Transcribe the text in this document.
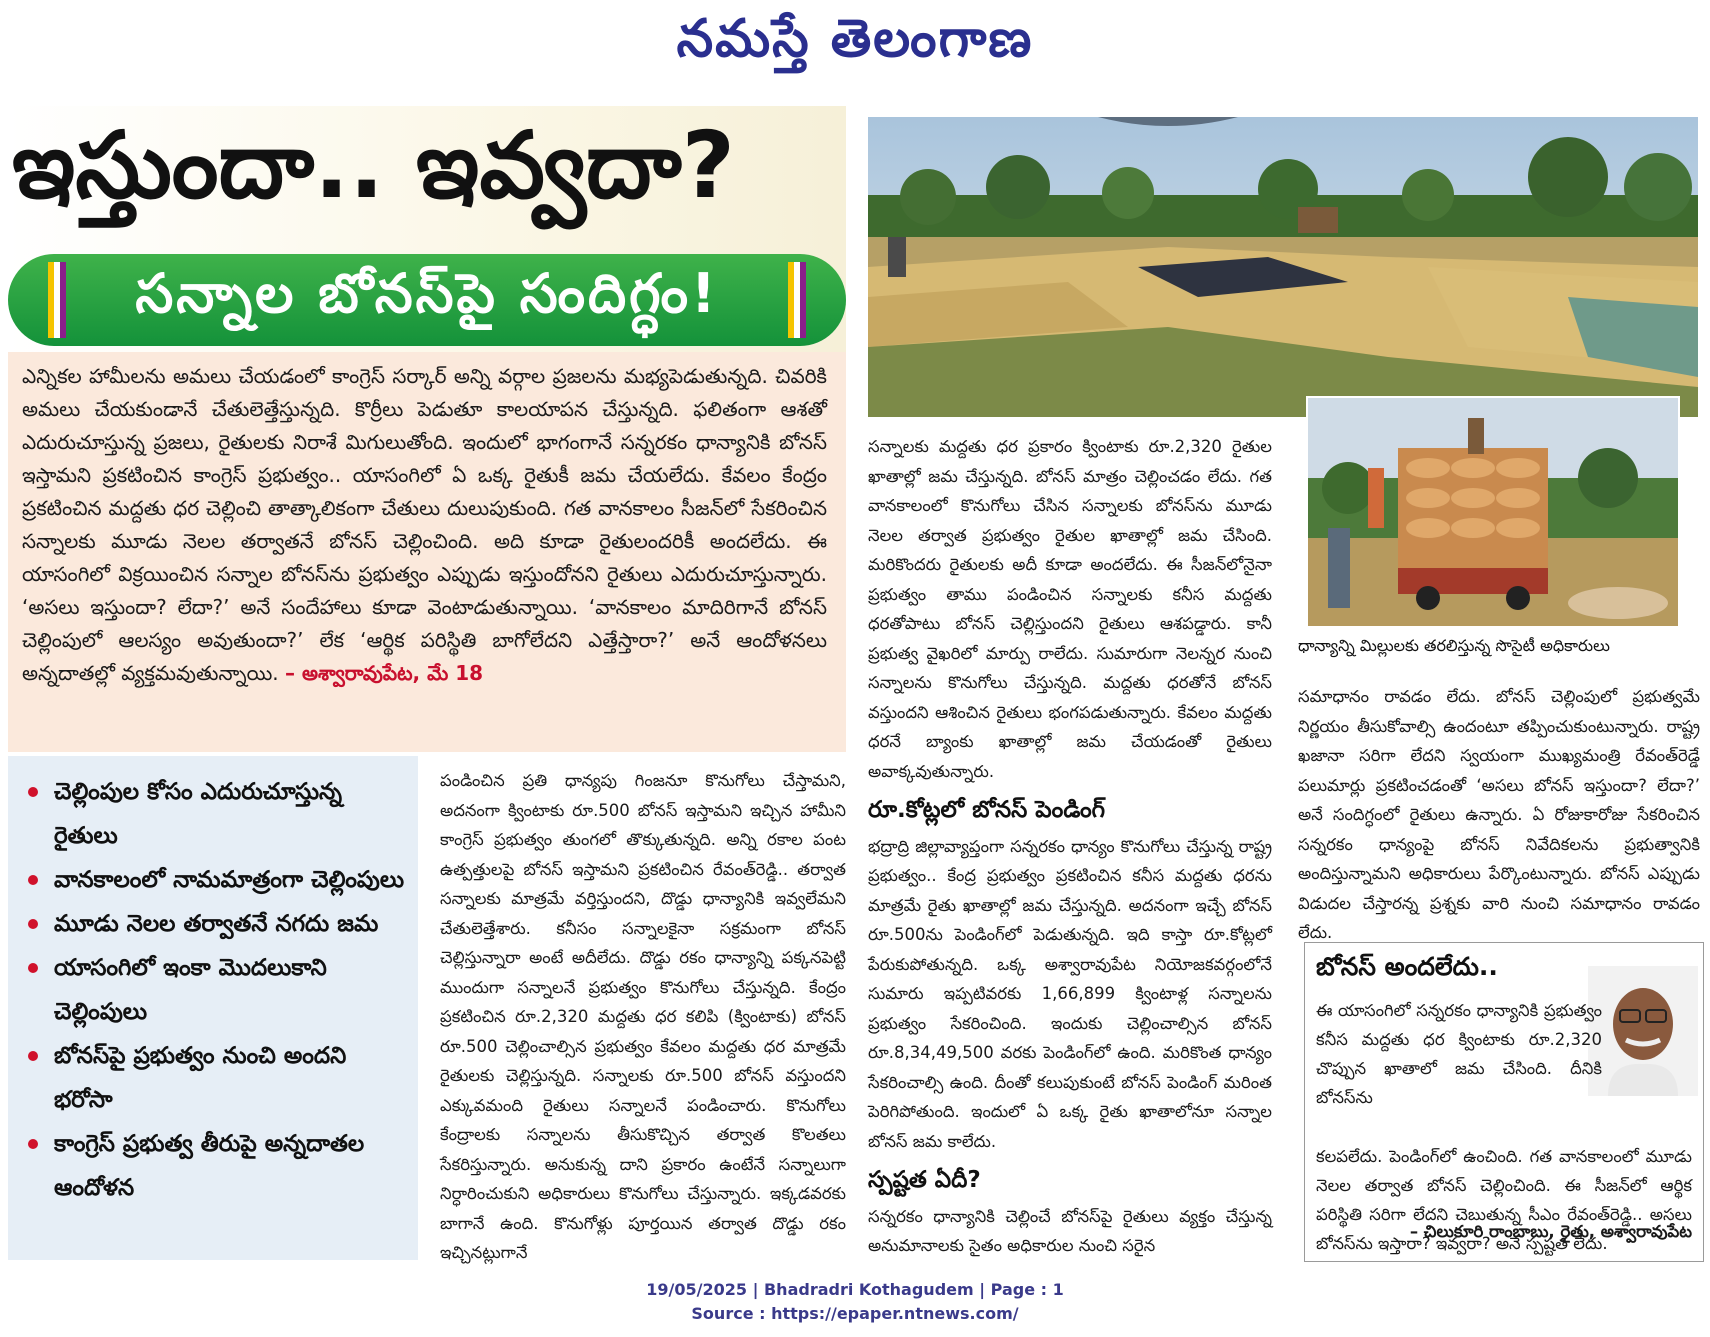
నమస్తే తెలంగాణ
ఇస్తుందా.. ఇవ్వదా?
సన్నాల బోనస్‌పై సందిగ్ధం!
ఎన్నికల హామీలను అమలు చేయడంలో కాంగ్రెస్ సర్కార్ అన్ని వర్గాల ప్రజలను మభ్యపెడుతున్నది. చివరికి అమలు చేయకుండానే చేతులెత్తేస్తున్నది. కొర్రీలు పెడుతూ కాలయాపన చేస్తున్నది. ఫలితంగా ఆశతో ఎదురుచూస్తున్న ప్రజలు, రైతులకు నిరాశే మిగులుతోంది. ఇందులో భాగంగానే సన్నరకం ధాన్యానికి బోనస్ ఇస్తామని ప్రకటించిన కాంగ్రెస్ ప్రభుత్వం.. యాసంగిలో ఏ ఒక్క రైతుకీ జమ చేయలేదు. కేవలం కేంద్రం ప్రకటించిన మద్దతు ధర చెల్లించి తాత్కాలికంగా చేతులు దులుపుకుంది. గత వానకాలం సీజన్‌లో సేకరించిన సన్నాలకు మూడు నెలల తర్వాతనే బోనస్ చెల్లించింది. అది కూడా రైతులందరికీ అందలేదు. ఈ యాసంగిలో విక్రయించిన సన్నాల బోనస్‌ను ప్రభుత్వం ఎప్పుడు ఇస్తుందోనని రైతులు ఎదురుచూస్తున్నారు. ‘అసలు ఇస్తుందా? లేదా?’ అనే సందేహాలు కూడా వెంటాడుతున్నాయి. ‘వానకాలం మాదిరిగానే బోనస్ చెల్లింపులో ఆలస్యం అవుతుందా?’ లేక ‘ఆర్థిక పరిస్థితి బాగోలేదని ఎత్తేస్తారా?’ అనే ఆందోళనలు అన్నదాతల్లో వ్యక్తమవుతున్నాయి. – అశ్వారావుపేట, మే 18
చెల్లింపుల కోసం ఎదురుచూస్తున్న రైతులు
వానకాలంలో నామమాత్రంగా చెల్లింపులు
మూడు నెలల తర్వాతనే నగదు జమ
యాసంగిలో ఇంకా మొదలుకాని చెల్లింపులు
బోనస్‌పై ప్రభుత్వం నుంచి అందని భరోసా
కాంగ్రెస్ ప్రభుత్వ తీరుపై అన్నదాతల ఆందోళన

పండించిన ప్రతి ధాన్యపు గింజనూ కొనుగోలు చేస్తామని, అదనంగా క్వింటాకు రూ.500 బోనస్ ఇస్తామని ఇచ్చిన హామీని కాంగ్రెస్ ప్రభుత్వం తుంగలో తొక్కుతున్నది. అన్ని రకాల పంట ఉత్పత్తులపై బోనస్ ఇస్తామని ప్రకటించిన రేవంత్‌రెడ్డి.. తర్వాత సన్నాలకు మాత్రమే వర్తిస్తుందని, దొడ్డు ధాన్యానికి ఇవ్వలేమని చేతులెత్తేశారు. కనీసం సన్నాలకైనా సక్రమంగా బోనస్ చెల్లిస్తున్నారా అంటే అదీలేదు. దొడ్డు రకం ధాన్యాన్ని పక్కనపెట్టి ముందుగా సన్నాలనే ప్రభుత్వం కొనుగోలు చేస్తున్నది. కేంద్రం ప్రకటించిన రూ.2,320 మద్దతు ధర కలిపి (క్వింటాకు) బోనస్ రూ.500 చెల్లించాల్సిన ప్రభుత్వం కేవలం మద్దతు ధర మాత్రమే రైతులకు చెల్లిస్తున్నది. సన్నాలకు రూ.500 బోనస్ వస్తుందని ఎక్కువమంది రైతులు సన్నాలనే పండించారు. కొనుగోలు కేంద్రాలకు సన్నాలను తీసుకొచ్చిన తర్వాత కొలతలు సేకరిస్తున్నారు. అనుకున్న దాని ప్రకారం ఉంటేనే సన్నాలుగా నిర్ధారించుకుని అధికారులు కొనుగోలు చేస్తున్నారు. ఇక్కడవరకు బాగానే ఉంది. కొనుగోళ్లు పూర్తయిన తర్వాత దొడ్డు రకం ఇచ్చినట్లుగానే

ధాన్యాన్ని మిల్లులకు తరలిస్తున్న సొసైటీ అధికారులు

సన్నాలకు మద్దతు ధర ప్రకారం క్వింటాకు రూ.2,320 రైతుల ఖాతాల్లో జమ చేస్తున్నది. బోనస్ మాత్రం చెల్లించడం లేదు. గత వానకాలంలో కొనుగోలు చేసిన సన్నాలకు బోనస్‌ను మూడు నెలల తర్వాత ప్రభుత్వం రైతుల ఖాతాల్లో జమ చేసింది. మరికొందరు రైతులకు అదీ కూడా అందలేదు. ఈ సీజన్‌లోనైనా ప్రభుత్వం తాము పండించిన సన్నాలకు కనీస మద్దతు ధరతోపాటు బోనస్ చెల్లిస్తుందని రైతులు ఆశపడ్డారు. కానీ ప్రభుత్వ వైఖరిలో మార్పు రాలేదు. సుమారుగా నెలన్నర నుంచి సన్నాలను కొనుగోలు చేస్తున్నది. మద్దతు ధరతోనే బోనస్ వస్తుందని ఆశించిన రైతులు భంగపడుతున్నారు. కేవలం మద్దతు ధరనే బ్యాంకు ఖాతాల్లో జమ చేయడంతో రైతులు అవాక్కవుతున్నారు.

రూ.కోట్లలో బోనస్ పెండింగ్

భద్రాద్రి జిల్లావ్యాప్తంగా సన్నరకం ధాన్యం కొనుగోలు చేస్తున్న రాష్ట్ర ప్రభుత్వం.. కేంద్ర ప్రభుత్వం ప్రకటించిన కనీస మద్దతు ధరను మాత్రమే రైతు ఖాతాల్లో జమ చేస్తున్నది. అదనంగా ఇచ్చే బోనస్ రూ.500ను పెండింగ్‌లో పెడుతున్నది. ఇది కాస్తా రూ.కోట్లలో పేరుకుపోతున్నది. ఒక్క అశ్వారావుపేట నియోజకవర్గంలోనే సుమారు ఇప్పటివరకు 1,66,899 క్వింటాళ్ల సన్నాలను ప్రభుత్వం సేకరించింది. ఇందుకు చెల్లించాల్సిన బోనస్ రూ.8,34,49,500 వరకు పెండింగ్‌లో ఉంది. మరికొంత ధాన్యం సేకరించాల్సి ఉంది. దీంతో కలుపుకుంటే బోనస్ పెండింగ్ మరింత పెరిగిపోతుంది. ఇందులో ఏ ఒక్క రైతు ఖాతాలోనూ సన్నాల బోనస్ జమ కాలేదు.

స్పష్టత ఏదీ?

సన్నరకం ధాన్యానికి చెల్లించే బోనస్‌పై రైతులు వ్యక్తం చేస్తున్న అనుమానాలకు సైతం అధికారుల నుంచి సరైన

సమాధానం రావడం లేదు. బోనస్ చెల్లింపులో ప్రభుత్వమే నిర్ణయం తీసుకోవాల్సి ఉందంటూ తప్పించుకుంటున్నారు. రాష్ట్ర ఖజానా సరిగా లేదని స్వయంగా ముఖ్యమంత్రి రేవంత్‌రెడ్డే పలుమార్లు ప్రకటించడంతో ‘అసలు బోనస్ ఇస్తుందా? లేదా?’ అనే సందిగ్ధంలో రైతులు ఉన్నారు. ఏ రోజుకారోజు సేకరించిన సన్నరకం ధాన్యంపై బోనస్ నివేదికలను ప్రభుత్వానికి అందిస్తున్నామని అధికారులు పేర్కొంటున్నారు. బోనస్ ఎప్పుడు విడుదల చేస్తారన్న ప్రశ్నకు వారి నుంచి సమాధానం రావడం లేదు.

బోనస్ అందలేదు..
ఈ యాసంగిలో సన్నరకం ధాన్యానికి ప్రభుత్వం కనీస మద్దతు ధర క్వింటాకు రూ.2,320 చొప్పున ఖాతాలో జమ చేసింది. దీనికి బోనస్‌ను
కలపలేదు. పెండింగ్‌లో ఉంచింది. గత వానకాలంలో మూడు నెలల తర్వాత బోనస్ చెల్లించింది. ఈ సీజన్‌లో ఆర్థిక పరిస్థితి సరిగా లేదని చెబుతున్న సీఎం రేవంత్‌రెడ్డి.. అసలు బోనస్‌ను ఇస్తారా? ఇవ్వరా? అనే స్పష్టత లేదు.
– చిలుకూరి రాంబాబు, రైతు, అశ్వారావుపేట
19/05/2025 | Bhadradri Kothagudem | Page : 1
Source : https://epaper.ntnews.com/
